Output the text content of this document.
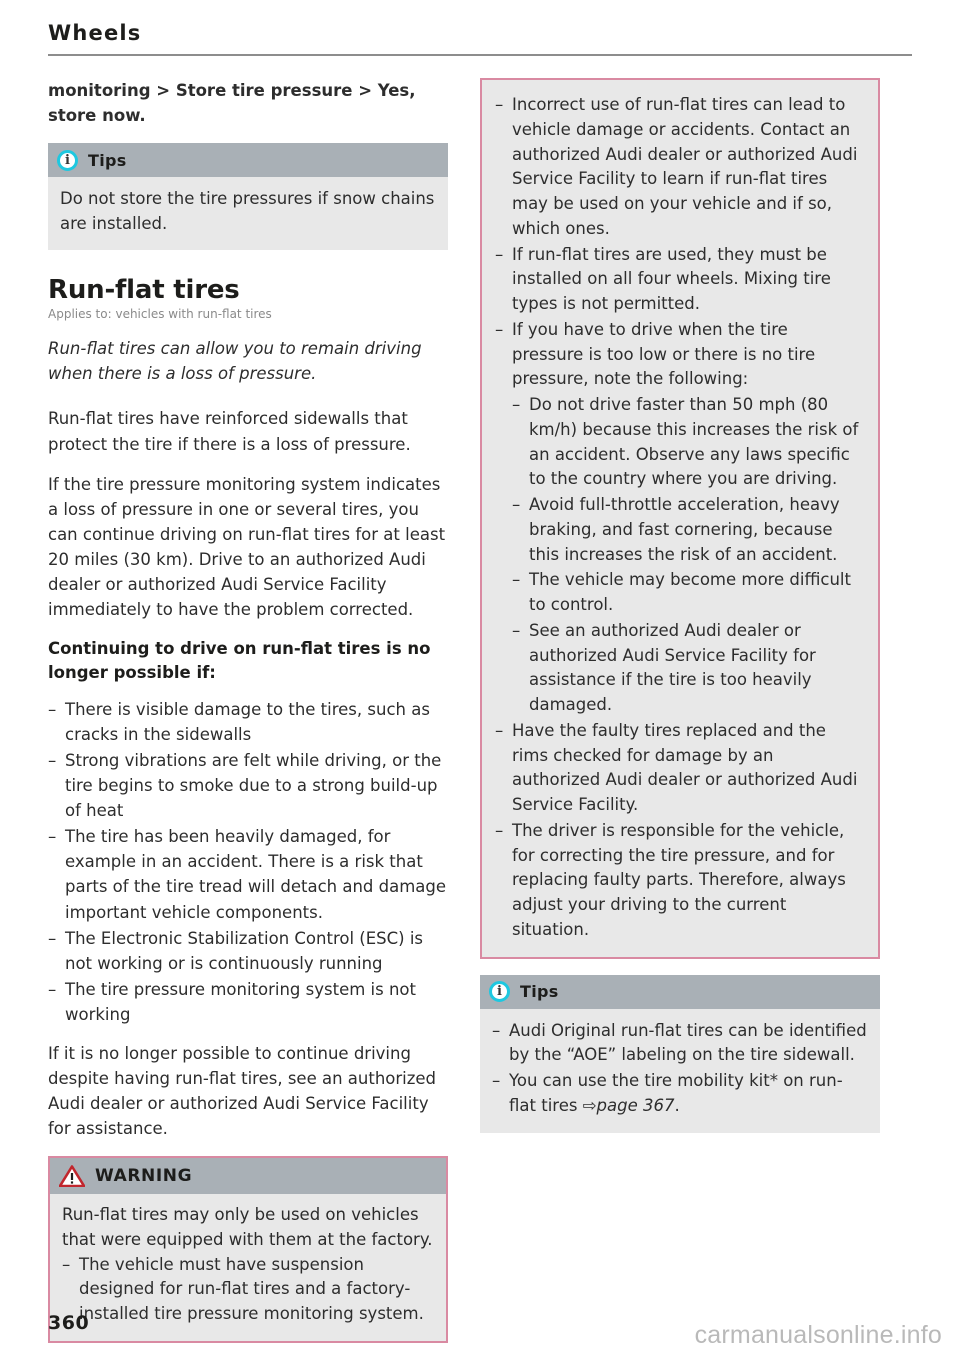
Wheels

monitoring > Store tire pressure > Yes, store now.

i	Tips

Do not store the tire pressures if snow chains are installed.

Run-flat tires
Applies to: vehicles with run-flat tires

Run-flat tires can allow you to remain driving when there is a loss of pressure.

Run-flat tires have reinforced sidewalls that protect the tire if there is a loss of pressure.

If the tire pressure monitoring system indicates a loss of pressure in one or several tires, you can continue driving on run-flat tires for at least 20 miles (30 km). Drive to an authorized Audi dealer or authorized Audi Service Facility immediately to have the problem corrected.

Continuing to drive on run-flat tires is no longer possible if:
– There is visible damage to the tires, such as cracks in the sidewalls
– Strong vibrations are felt while driving, or the tire begins to smoke due to a strong build-up of heat
– The tire has been heavily damaged, for example in an accident. There is a risk that parts of the tire tread will detach and damage important vehicle components.
– The Electronic Stabilization Control (ESC) is not working or is continuously running
– The tire pressure monitoring system is not working

If it is no longer possible to continue driving despite having run-flat tires, see an authorized Audi dealer or authorized Audi Service Facility for assistance.

WARNING

Run-flat tires may only be used on vehicles that were equipped with them at the factory.

– The vehicle must have suspension designed for run-flat tires and a factory-installed tire pressure monitoring system.
– Incorrect use of run-flat tires can lead to vehicle damage or accidents. Contact an authorized Audi dealer or authorized Audi Service Facility to learn if run-flat tires may be used on your vehicle and if so, which ones.
– If run-flat tires are used, they must be installed on all four wheels. Mixing tire types is not permitted.
– If you have to drive when the tire pressure is too low or there is no tire pressure, note the following:
– Do not drive faster than 50 mph (80 km/h) because this increases the risk of an accident. Observe any laws specific to the country where you are driving.
– Avoid full-throttle acceleration, heavy braking, and fast cornering, because this increases the risk of an accident.
– The vehicle may become more difficult to control.
– See an authorized Audi dealer or authorized Audi Service Facility for assistance if the tire is too heavily damaged.
– Have the faulty tires replaced and the rims checked for damage by an authorized Audi dealer or authorized Audi Service Facility.
– The driver is responsible for the vehicle, for correcting the tire pressure, and for replacing faulty parts. Therefore, always adjust your driving to the current situation.
i	Tips
– Audi Original run-flat tires can be identified by the “AOE” labeling on the tire sidewall.
– You can use the tire mobility kit* on run-flat tires ⇨page 367.
360	carmanualsonline.info
